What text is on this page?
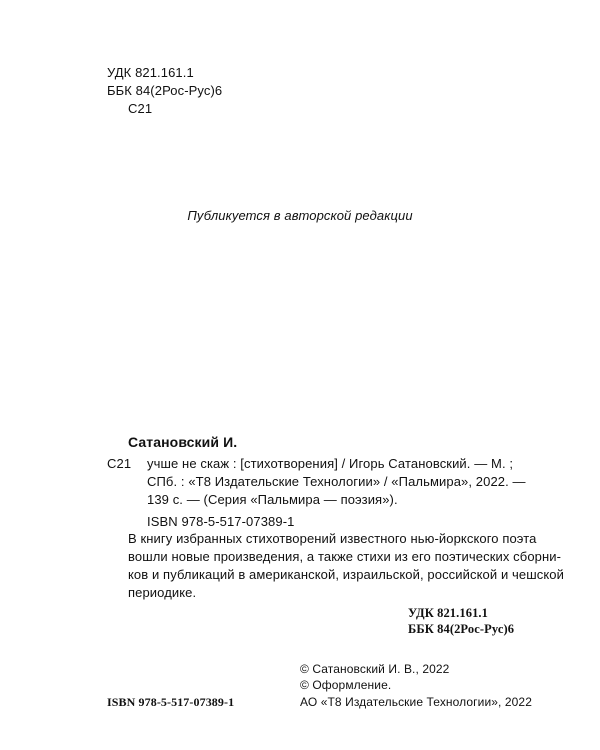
УДК 821.161.1
ББК 84(2Рос-Рус)6
С21
Публикуется в авторской редакции
Сатановский И.
С21 учше не скаж : [стихотворения] / Игорь Сатановский. — М. ;
СПб. : «Т8 Издательские Технологии» / «Пальмира», 2022. —
139 с. — (Серия «Пальмира — поэзия»).
ISBN 978-5-517-07389-1
В книгу избранных стихотворений известного нью-йоркского поэта
вошли новые произведения, а также стихи из его поэтических сборни-
ков и публикаций в американской, израильской, российской и чешской
периодике.
УДК 821.161.1
ББК 84(2Рос-Рус)6
© Сатановский И. В., 2022
© Оформление.
ISBN 978-5-517-07389-1	АО «Т8 Издательские Технологии», 2022
